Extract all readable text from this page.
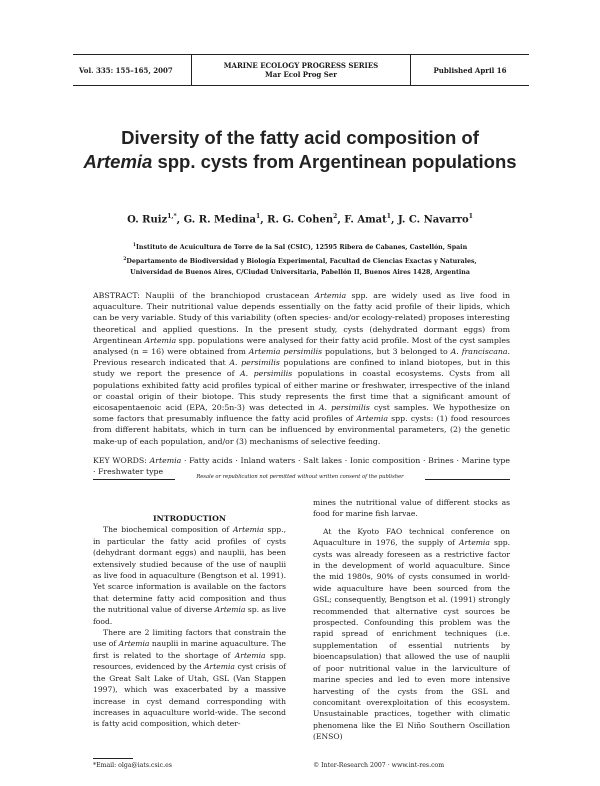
Vol. 335: 155–165, 2007	MARINE ECOLOGY PROGRESS SERIES
Mar Ecol Prog Ser	Published April 16
Diversity of the fatty acid composition of
Artemia spp. cysts from Argentinean populations
O. Ruiz$^{1,*}$, G. R. Medina$^1$, R. G. Cohen$^2$, F. Amat$^1$, J. C. Navarro$^1$
$^1$Instituto de Acuicultura de Torre de la Sal (CSIC), 12595 Ribera de Cabanes, Castellón, Spain
$^2$Departamento de Biodiversidad y Biología Experimental, Facultad de Ciencias Exactas y Naturales,
Universidad de Buenos Aires, C/Ciudad Universitaria, Pabellón II, Buenos Aires 1428, Argentina

ABSTRACT: Nauplii of the branchiopod crustacean Artemia spp. are widely used as live food in aquaculture. Their nutritional value depends essentially on the fatty acid profile of their lipids, which can be very variable. Study of this variability (often species- and/or ecology-related) proposes interesting theoretical and applied questions. In the present study, cysts (dehydrated dormant eggs) from Argentinean Artemia spp. populations were analysed for their fatty acid profile. Most of the cyst samples analysed (n = 16) were obtained from Artemia persimilis populations, but 3 belonged to A. franciscana. Previous research indicated that A. persimilis populations are confined to inland biotopes, but in this study we report the presence of A. persimilis populations in coastal ecosystems. Cysts from all populations exhibited fatty acid profiles typical of either marine or freshwater, irrespective of the inland or coastal origin of their biotope. This study represents the first time that a significant amount of eicosapentaenoic acid (EPA, 20:5n-3) was detected in A. persimilis cyst samples. We hypothesize on some factors that presumably influence the fatty acid profiles of Artemia spp. cysts: (1) food resources from different habitats, which in turn can be influenced by environmental parameters, (2) the genetic make-up of each population, and/or (3) mechanisms of selective feeding.

KEY WORDS: Artemia · Fatty acids · Inland waters · Salt lakes · Ionic composition · Brines · Marine type · Freshwater type

Resale or republication not permitted without written consent of the publisher

INTRODUCTION

The biochemical composition of Artemia spp., in particular the fatty acid profiles of cysts (dehydrant dormant eggs) and nauplii, has been extensively studied because of the use of nauplii as live food in aquaculture (Bengtson et al. 1991). Yet scarce information is available on the factors that determine fatty acid composition and thus the nutritional value of diverse Artemia sp. as live food.

There are 2 limiting factors that constrain the use of Artemia nauplii in marine aquaculture. The first is related to the shortage of Artemia spp. resources, evidenced by the Artemia cyst crisis of the Great Salt Lake of Utah, GSL (Van Stappen 1997), which was exacerbated by a massive increase in cyst demand corresponding with increases in aquaculture world-wide. The second is fatty acid composition, which deter-

mines the nutritional value of different stocks as food for marine fish larvae.

At the Kyoto FAO technical conference on Aquaculture in 1976, the supply of Artemia spp. cysts was already foreseen as a restrictive factor in the development of world aquaculture. Since the mid 1980s, 90% of cysts consumed in world-wide aquaculture have been sourced from the GSL; consequently, Bengtson et al. (1991) strongly recommended that alternative cyst sources be prospected. Confounding this problem was the rapid spread of enrichment techniques (i.e. supplementation of essential nutrients by bioencapsulation) that allowed the use of nauplii of poor nutritional value in the larviculture of marine species and led to even more intensive harvesting of the cysts from the GSL and concomitant overexploitation of this ecosystem. Unsustainable practices, together with climatic phenomena like the El Niño Southern Oscillation (ENSO)

*Email: olga@iats.csic.es	© Inter-Research 2007 · www.int-res.com
